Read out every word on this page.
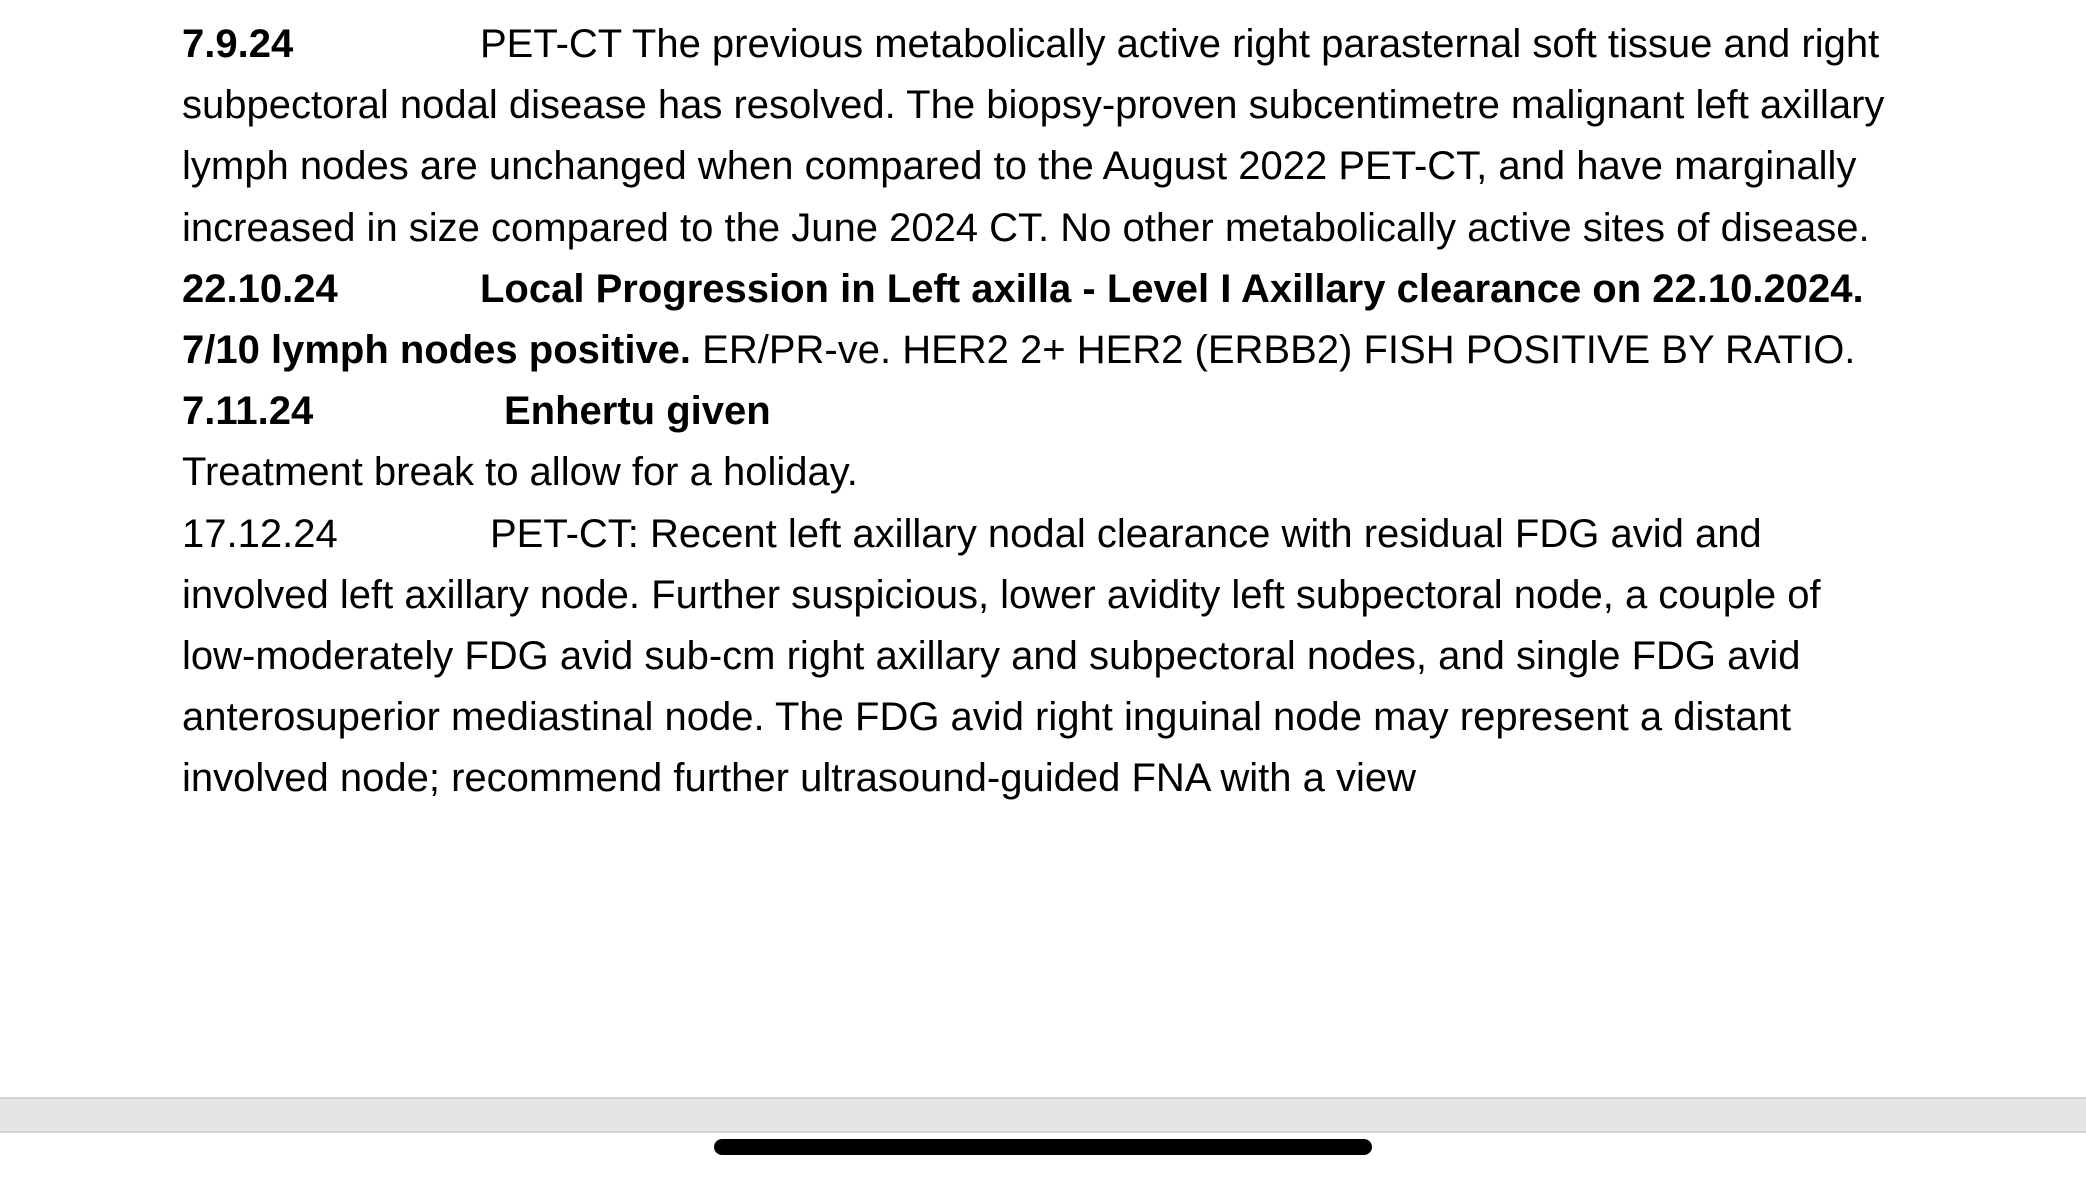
7.9.24	PET-CT The previous metabolically active right parasternal soft tissue and right subpectoral nodal disease has resolved. The biopsy-proven subcentimetre malignant left axillary lymph nodes are unchanged when compared to the August 2022 PET-CT, and have marginally increased in size compared to the June 2024 CT. No other metabolically active sites of disease.

22.10.24	Local Progression in Left axilla - Level I Axillary clearance on 22.10.2024. 7/10 lymph nodes positive. ER/PR-ve. HER2 2+ HER2 (ERBB2) FISH POSITIVE BY RATIO.

7.11.24	Enhertu given

Treatment break to allow for a holiday.

17.12.24	PET-CT: Recent left axillary nodal clearance with residual FDG avid and involved left axillary node. Further suspicious, lower avidity left subpectoral node, a couple of low-moderately FDG avid sub-cm right axillary and subpectoral nodes, and single FDG avid anterosuperior mediastinal node. The FDG avid right inguinal node may represent a distant involved node; recommend further ultrasound-guided FNA with a view
